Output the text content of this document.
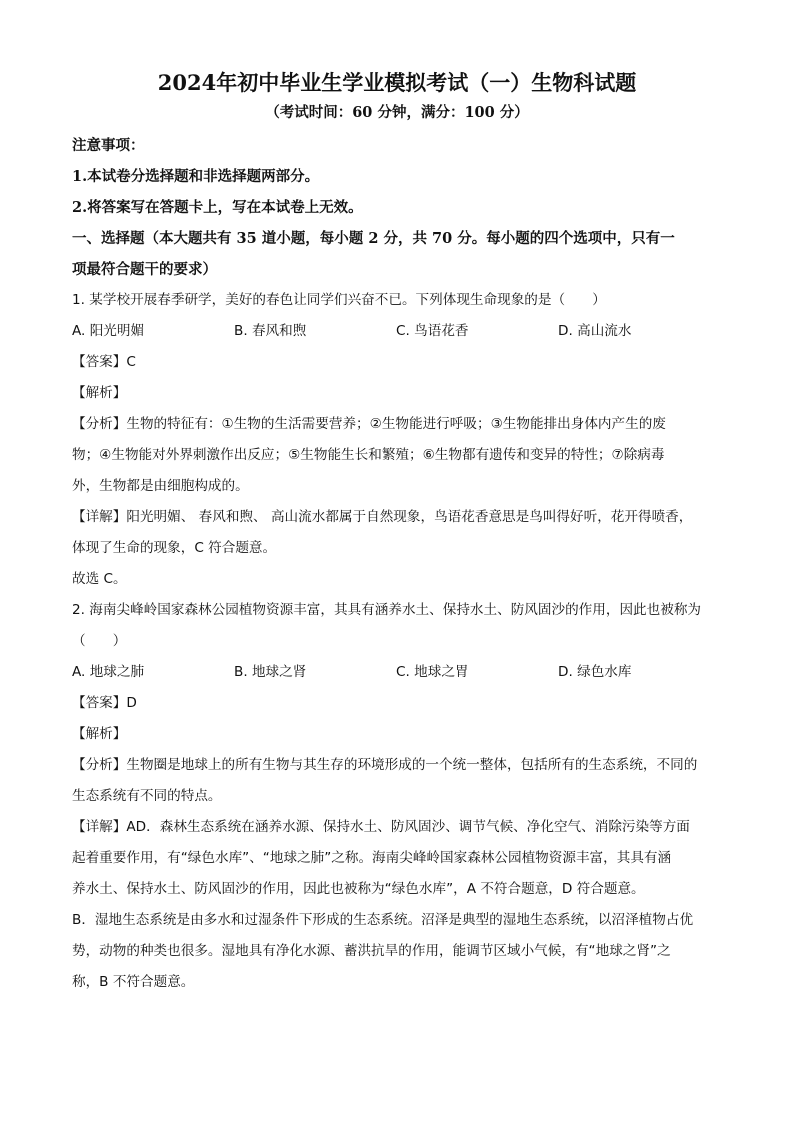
2024年初中毕业生学业模拟考试（一）生物科试题
（考试时间：60 分钟，满分：100 分）
注意事项：
1.本试卷分选择题和非选择题两部分。
2.将答案写在答题卡上，写在本试卷上无效。
一、选择题（本大题共有 35 道小题，每小题 2 分，共 70 分。每小题的四个选项中，只有一
项最符合题干的要求）
1. 某学校开展春季研学，美好的春色让同学们兴奋不已。下列体现生命现象的是（　　）
A. 阳光明媚	B. 春风和煦	C. 鸟语花香	D. 高山流水
【答案】C
【解析】
【分析】生物的特征有：①生物的生活需要营养；②生物能进行呼吸；③生物能排出身体内产生的废
物；④生物能对外界刺激作出反应；⑤生物能生长和繁殖；⑥生物都有遗传和变异的特性；⑦除病毒
外，生物都是由细胞构成的。
【详解】阳光明媚、 春风和煦、 高山流水都属于自然现象，鸟语花香意思是鸟叫得好听，花开得喷香，
体现了生命的现象，C 符合题意。
故选 C。
2. 海南尖峰岭国家森林公园植物资源丰富，其具有涵养水土、保持水土、防风固沙的作用，因此也被称为
（　　）
A. 地球之肺	B. 地球之肾	C. 地球之胃	D. 绿色水库
【答案】D
【解析】
【分析】生物圈是地球上的所有生物与其生存的环境形成的一个统一整体，包括所有的生态系统，不同的
生态系统有不同的特点。
【详解】AD．森林生态系统在涵养水源、保持水土、防风固沙、调节气候、净化空气、消除污染等方面
起着重要作用，有“绿色水库”、“地球之肺”之称。海南尖峰岭国家森林公园植物资源丰富，其具有涵
养水土、保持水土、防风固沙的作用，因此也被称为“绿色水库”，A 不符合题意，D 符合题意。
B．湿地生态系统是由多水和过湿条件下形成的生态系统。沼泽是典型的湿地生态系统，以沼泽植物占优
势，动物的种类也很多。湿地具有净化水源、蓄洪抗旱的作用，能调节区域小气候，有“地球之肾”之
称，B 不符合题意。
